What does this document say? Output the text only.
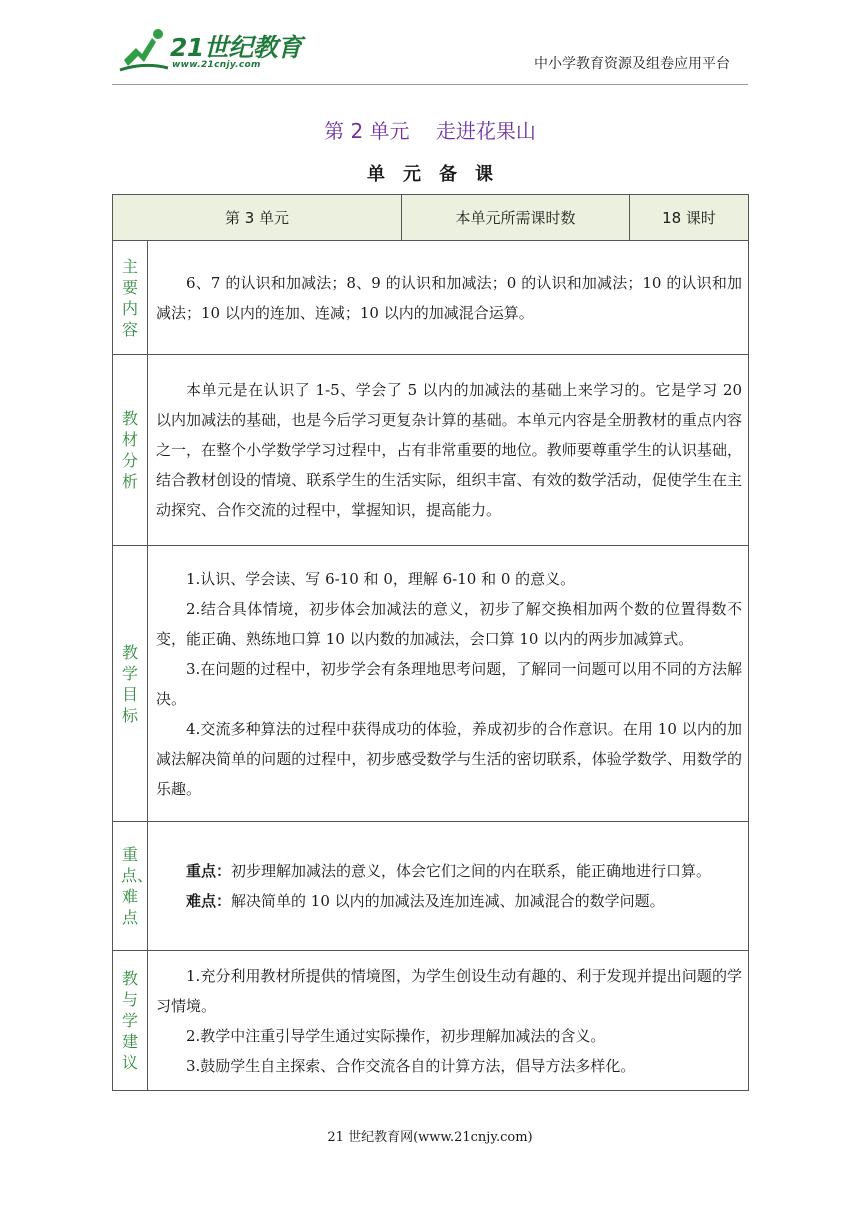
21世纪教育
www.21cnjy.com	中小学教育资源及组卷应用平台
第 2 单元　 走进花果山
单元备课
第 3 单元		本单元所需课时数	18 课时
主要内容	6、7 的认识和加减法；8、9 的认识和加减法；0 的认识和加减法；10 的认识和加减法；10 以内的连加、连减；10 以内的加减混合运算。		

教材分析	本单元是在认识了 1-5、学会了 5 以内的加减法的基础上来学习的。它是学习 20 以内加减法的基础，也是今后学习更复杂计算的基础。本单元内容是全册教材的重点内容之一，在整个小学数学学习过程中，占有非常重要的地位。教师要尊重学生的认识基础，结合教材创设的情境、联系学生的生活实际，组织丰富、有效的数学活动，促使学生在主动探究、合作交流的过程中，掌握知识，提高能力。		

教学目标	1.认识、学会读、写 6-10 和 0，理解 6-10 和 0 的意义。

2.结合具体情境，初步体会加减法的意义，初步了解交换相加两个数的位置得数不变，能正确、熟练地口算 10 以内数的加减法，会口算 10 以内的两步加减算式。

3.在问题的过程中，初步学会有条理地思考问题，了解同一问题可以用不同的方法解决。

4.交流多种算法的过程中获得成功的体验，养成初步的合作意识。在用 10 以内的加减法解决简单的问题的过程中，初步感受数学与生活的密切联系，体验学数学、用数学的乐趣。		

重点、难点	重点：初步理解加减法的意义，体会它们之间的内在联系，能正确地进行口算。

难点：解决简单的 10 以内的加减法及连加连减、加减混合的数学问题。		

教与学建议	1.充分利用教材所提供的情境图，为学生创设生动有趣的、利于发现并提出问题的学习情境。

2.教学中注重引导学生通过实际操作，初步理解加减法的含义。

3.鼓励学生自主探索、合作交流各自的计算方法，倡导方法多样化。		

21 世纪教育网(www.21cnjy.com)
